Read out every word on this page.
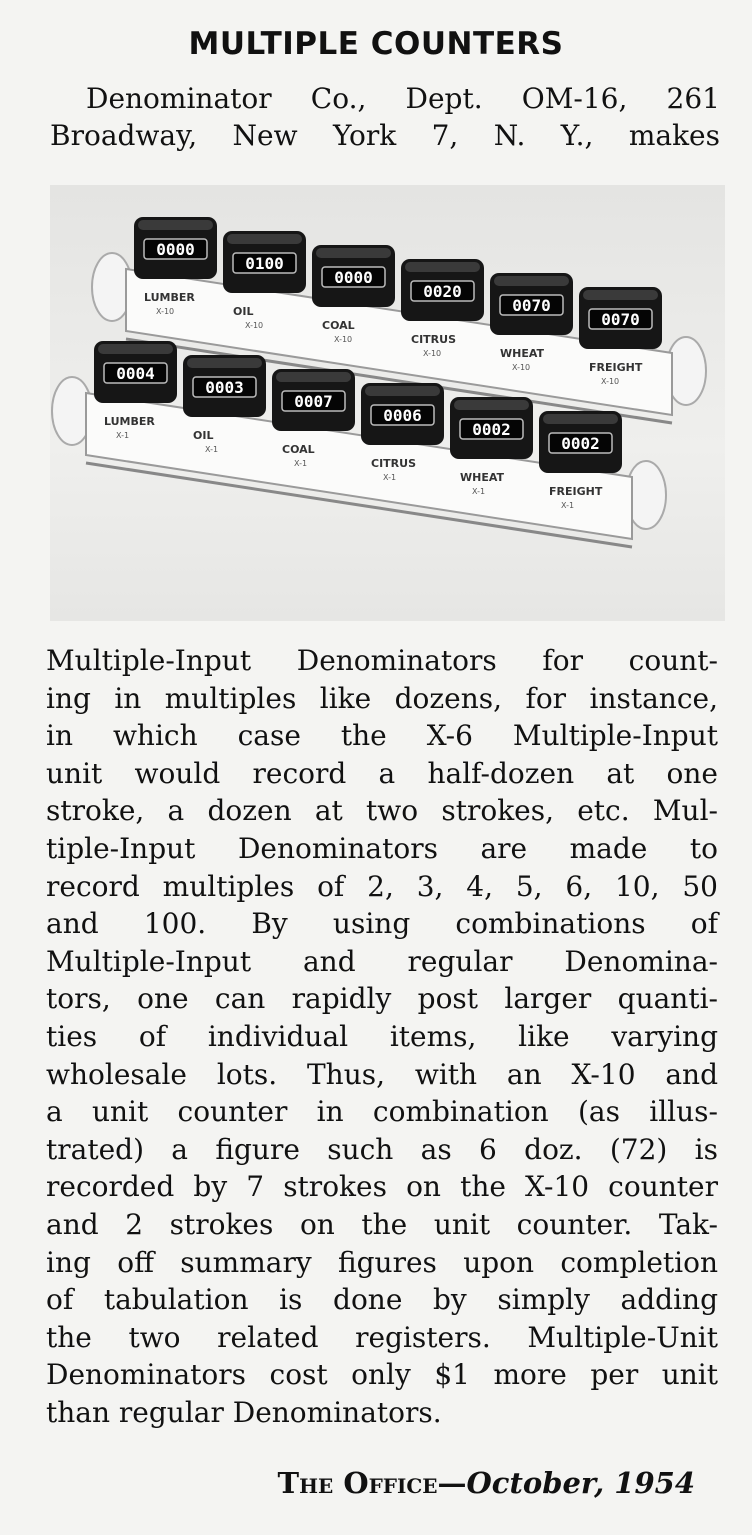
MULTIPLE COUNTERS
Denominator Co., Dept. OM-16, 261
Broadway, New York 7, N. Y., makes
0000
LUMBER
X-10
0100
OIL
X-10
0000
COAL
X-10
0020
CITRUS
X-10
0070
WHEAT
X-10
0070
FREIGHT
X-10
0004
LUMBER
X-1
0003
OIL
X-1
0007
COAL
X-1
0006
CITRUS
X-1
0002
WHEAT
X-1
0002
FREIGHT
X-1
Multiple-Input Denominators for count-
ing in multiples like dozens, for instance,
in which case the X-6 Multiple-Input
unit would record a half-dozen at one
stroke, a dozen at two strokes, etc. Mul-
tiple-Input Denominators are made to
record multiples of 2, 3, 4, 5, 6, 10, 50
and 100. By using combinations of
Multiple-Input and regular Denomina-
tors, one can rapidly post larger quanti-
ties of individual items, like varying
wholesale lots. Thus, with an X-10 and
a unit counter in combination (as illus-
trated) a figure such as 6 doz. (72) is
recorded by 7 strokes on the X-10 counter
and 2 strokes on the unit counter. Tak-
ing off summary figures upon completion
of tabulation is done by simply adding
the two related registers. Multiple-Unit
Denominators cost only $1 more per unit
than regular Denominators.
The Office—October, 1954
